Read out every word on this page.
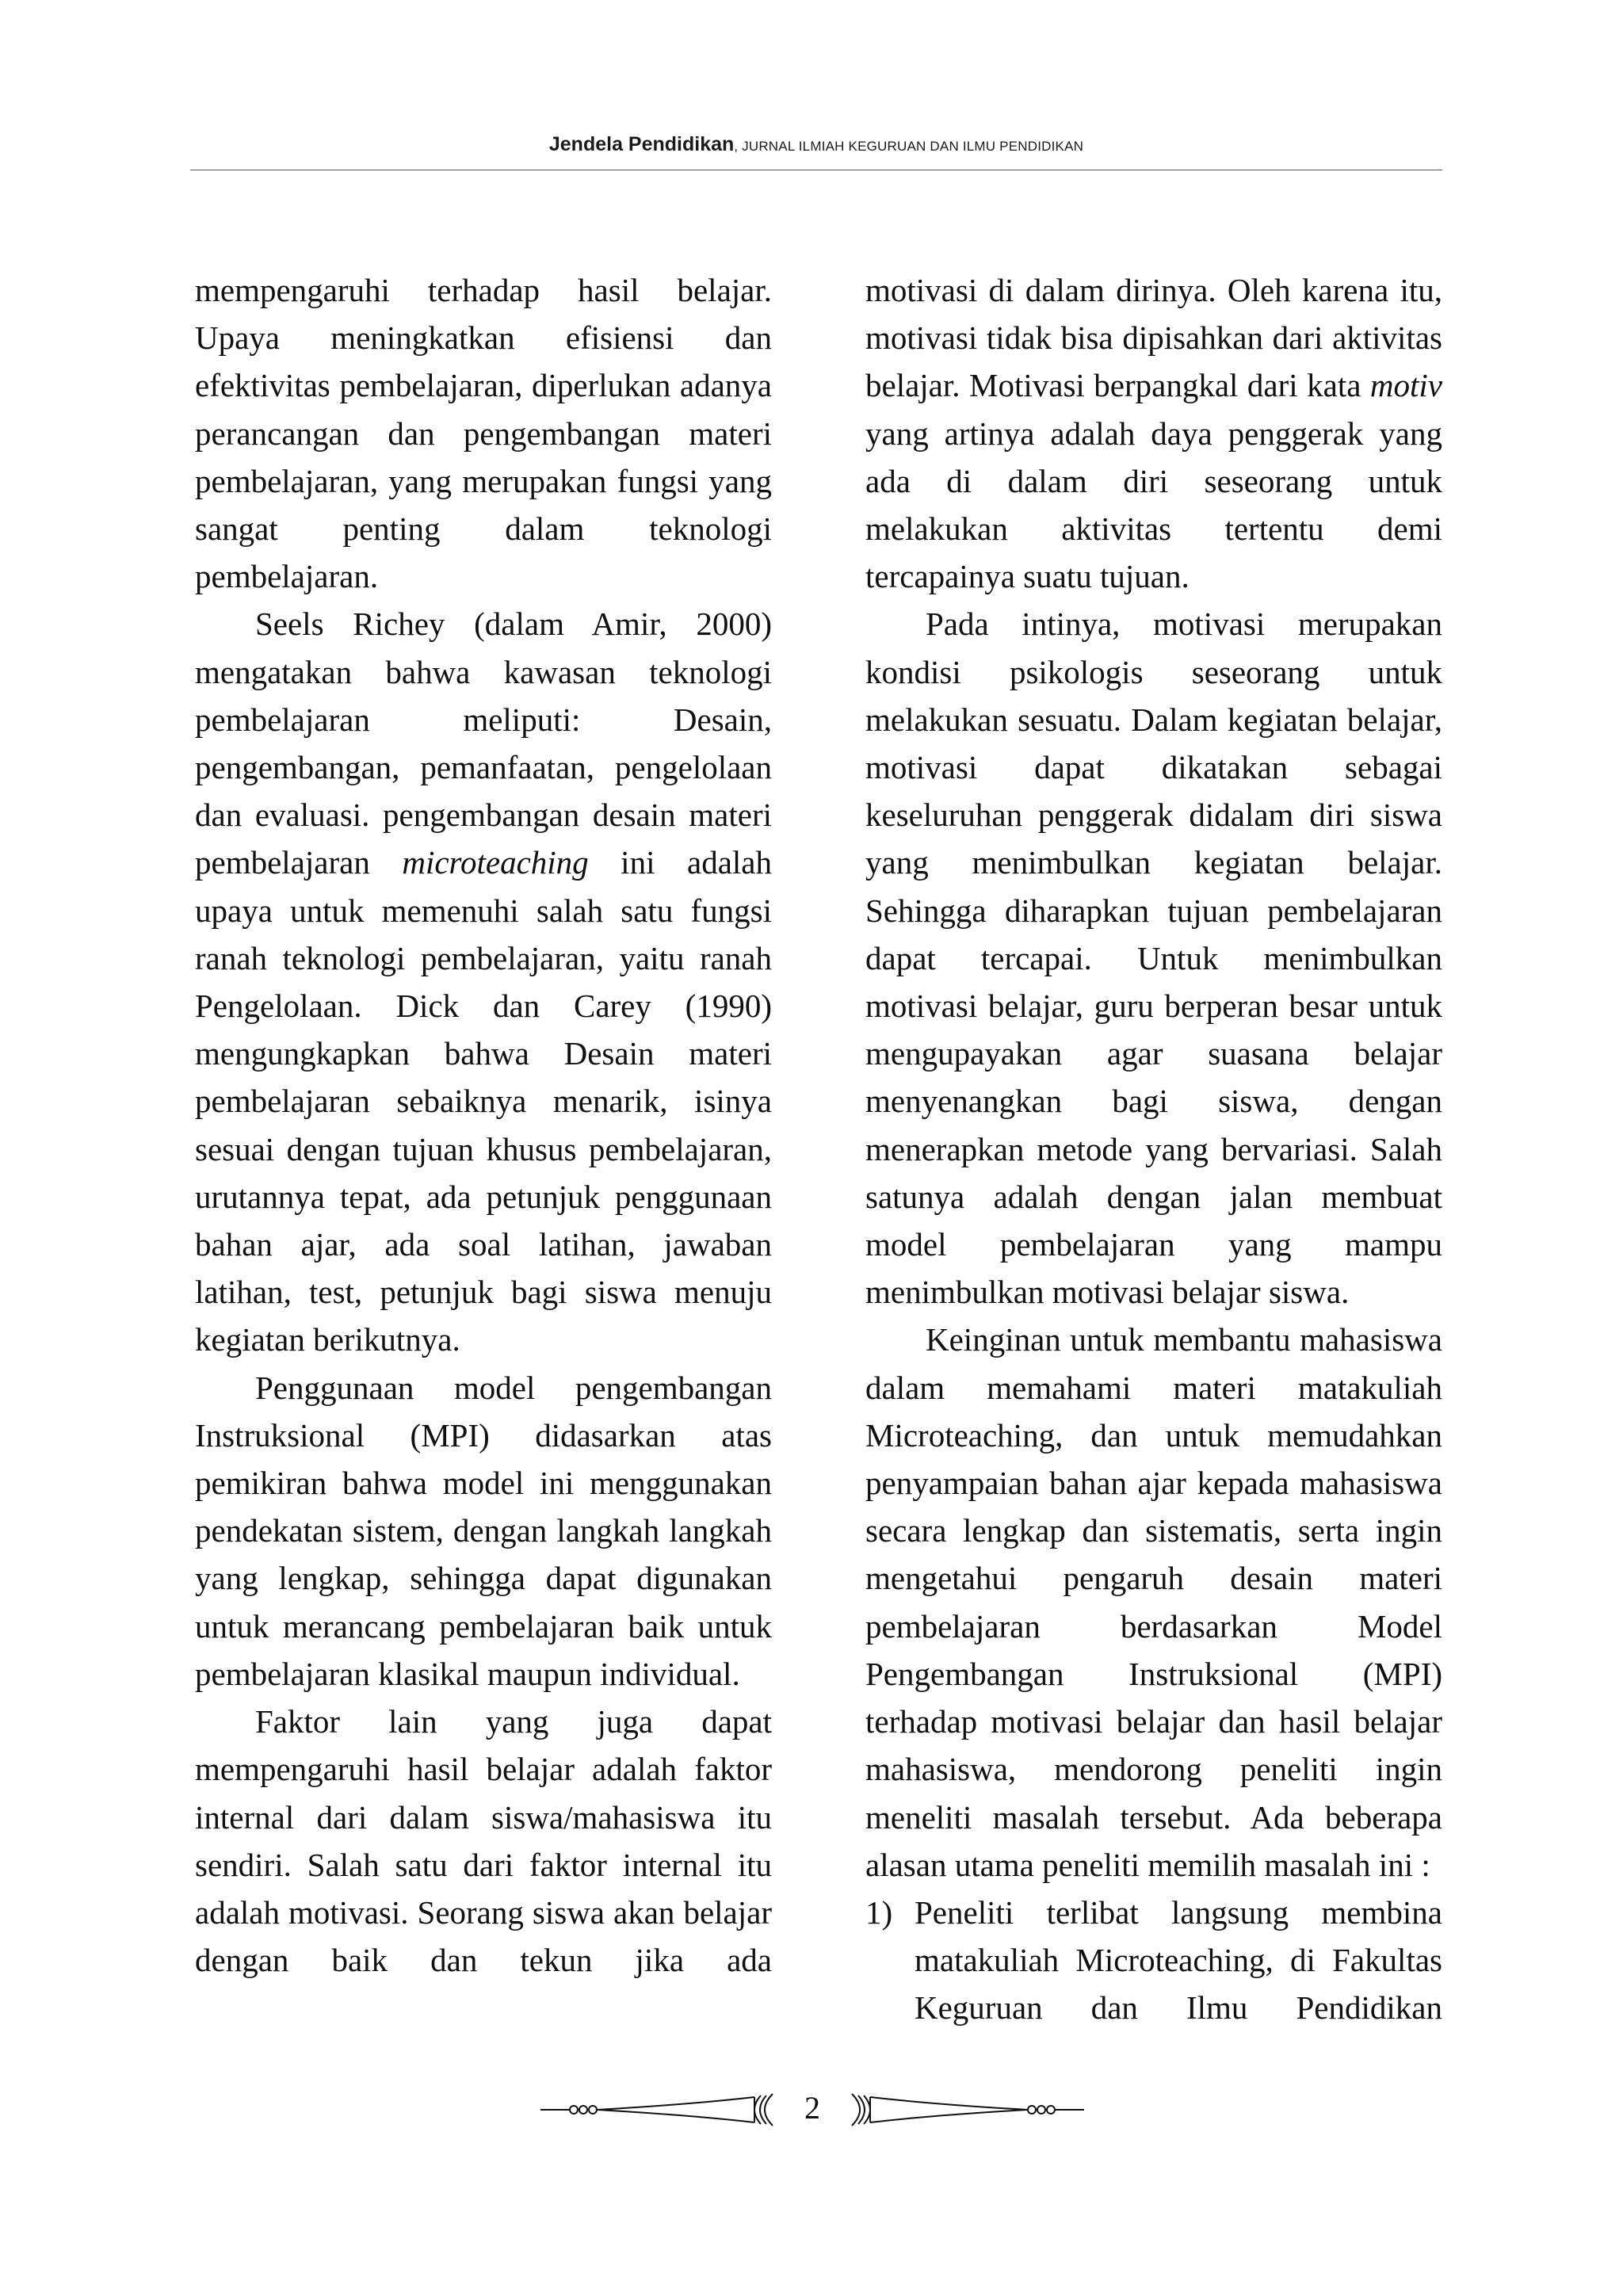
Jendela Pendidikan, JURNAL ILMIAH KEGURUAN DAN ILMU PENDIDIKAN

mempengaruhi terhadap hasil belajar. Upaya meningkatkan efisiensi dan efektivitas pembelajaran, diperlukan adanya perancangan dan pengembangan materi pembelajaran, yang merupakan fungsi yang sangat penting dalam teknologi pembelajaran.

Seels Richey (dalam Amir, 2000) mengatakan bahwa kawasan teknologi pembelajaran meliputi: Desain, pengembangan, pemanfaatan, pengelolaan dan evaluasi. pengembangan desain materi pembelajaran microteaching ini adalah upaya untuk memenuhi salah satu fungsi ranah teknologi pembelajaran, yaitu ranah Pengelolaan. Dick dan Carey (1990) mengungkapkan bahwa Desain materi pembelajaran sebaiknya menarik, isinya sesuai dengan tujuan khusus pembelajaran, urutannya tepat, ada petunjuk penggunaan bahan ajar, ada soal latihan, jawaban latihan, test, petunjuk bagi siswa menuju kegiatan berikutnya.

Penggunaan model pengembangan Instruksional (MPI) didasarkan atas pemikiran bahwa model ini menggunakan pendekatan sistem, dengan langkah langkah yang lengkap, sehingga dapat digunakan untuk merancang pembelajaran baik untuk pembelajaran klasikal maupun individual.

Faktor lain yang juga dapat mempengaruhi hasil belajar adalah faktor internal dari dalam siswa/mahasiswa itu sendiri. Salah satu dari faktor internal itu adalah motivasi. Seorang siswa akan belajar dengan baik dan tekun jika ada

motivasi di dalam dirinya. Oleh karena itu, motivasi tidak bisa dipisahkan dari aktivitas belajar. Motivasi berpangkal dari kata motiv yang artinya adalah daya penggerak yang ada di dalam diri seseorang untuk melakukan aktivitas tertentu demi tercapainya suatu tujuan.

Pada intinya, motivasi merupakan kondisi psikologis seseorang untuk melakukan sesuatu. Dalam kegiatan belajar, motivasi dapat dikatakan sebagai keseluruhan penggerak didalam diri siswa yang menimbulkan kegiatan belajar. Sehingga diharapkan tujuan pembelajaran dapat tercapai. Untuk menimbulkan motivasi belajar, guru berperan besar untuk mengupayakan agar suasana belajar menyenangkan bagi siswa, dengan menerapkan metode yang bervariasi. Salah satunya adalah dengan jalan membuat model pembelajaran yang mampu menimbulkan motivasi belajar siswa.

Keinginan untuk membantu mahasiswa dalam memahami materi matakuliah Microteaching, dan untuk memudahkan penyampaian bahan ajar kepada mahasiswa secara lengkap dan sistematis, serta ingin mengetahui pengaruh desain materi pembelajaran berdasarkan Model Pengembangan Instruksional (MPI) terhadap motivasi belajar dan hasil belajar mahasiswa, mendorong peneliti ingin meneliti masalah tersebut. Ada beberapa alasan utama peneliti memilih masalah ini :

1) Peneliti terlibat langsung membina matakuliah Microteaching, di Fakultas Keguruan dan Ilmu Pendidikan
2
